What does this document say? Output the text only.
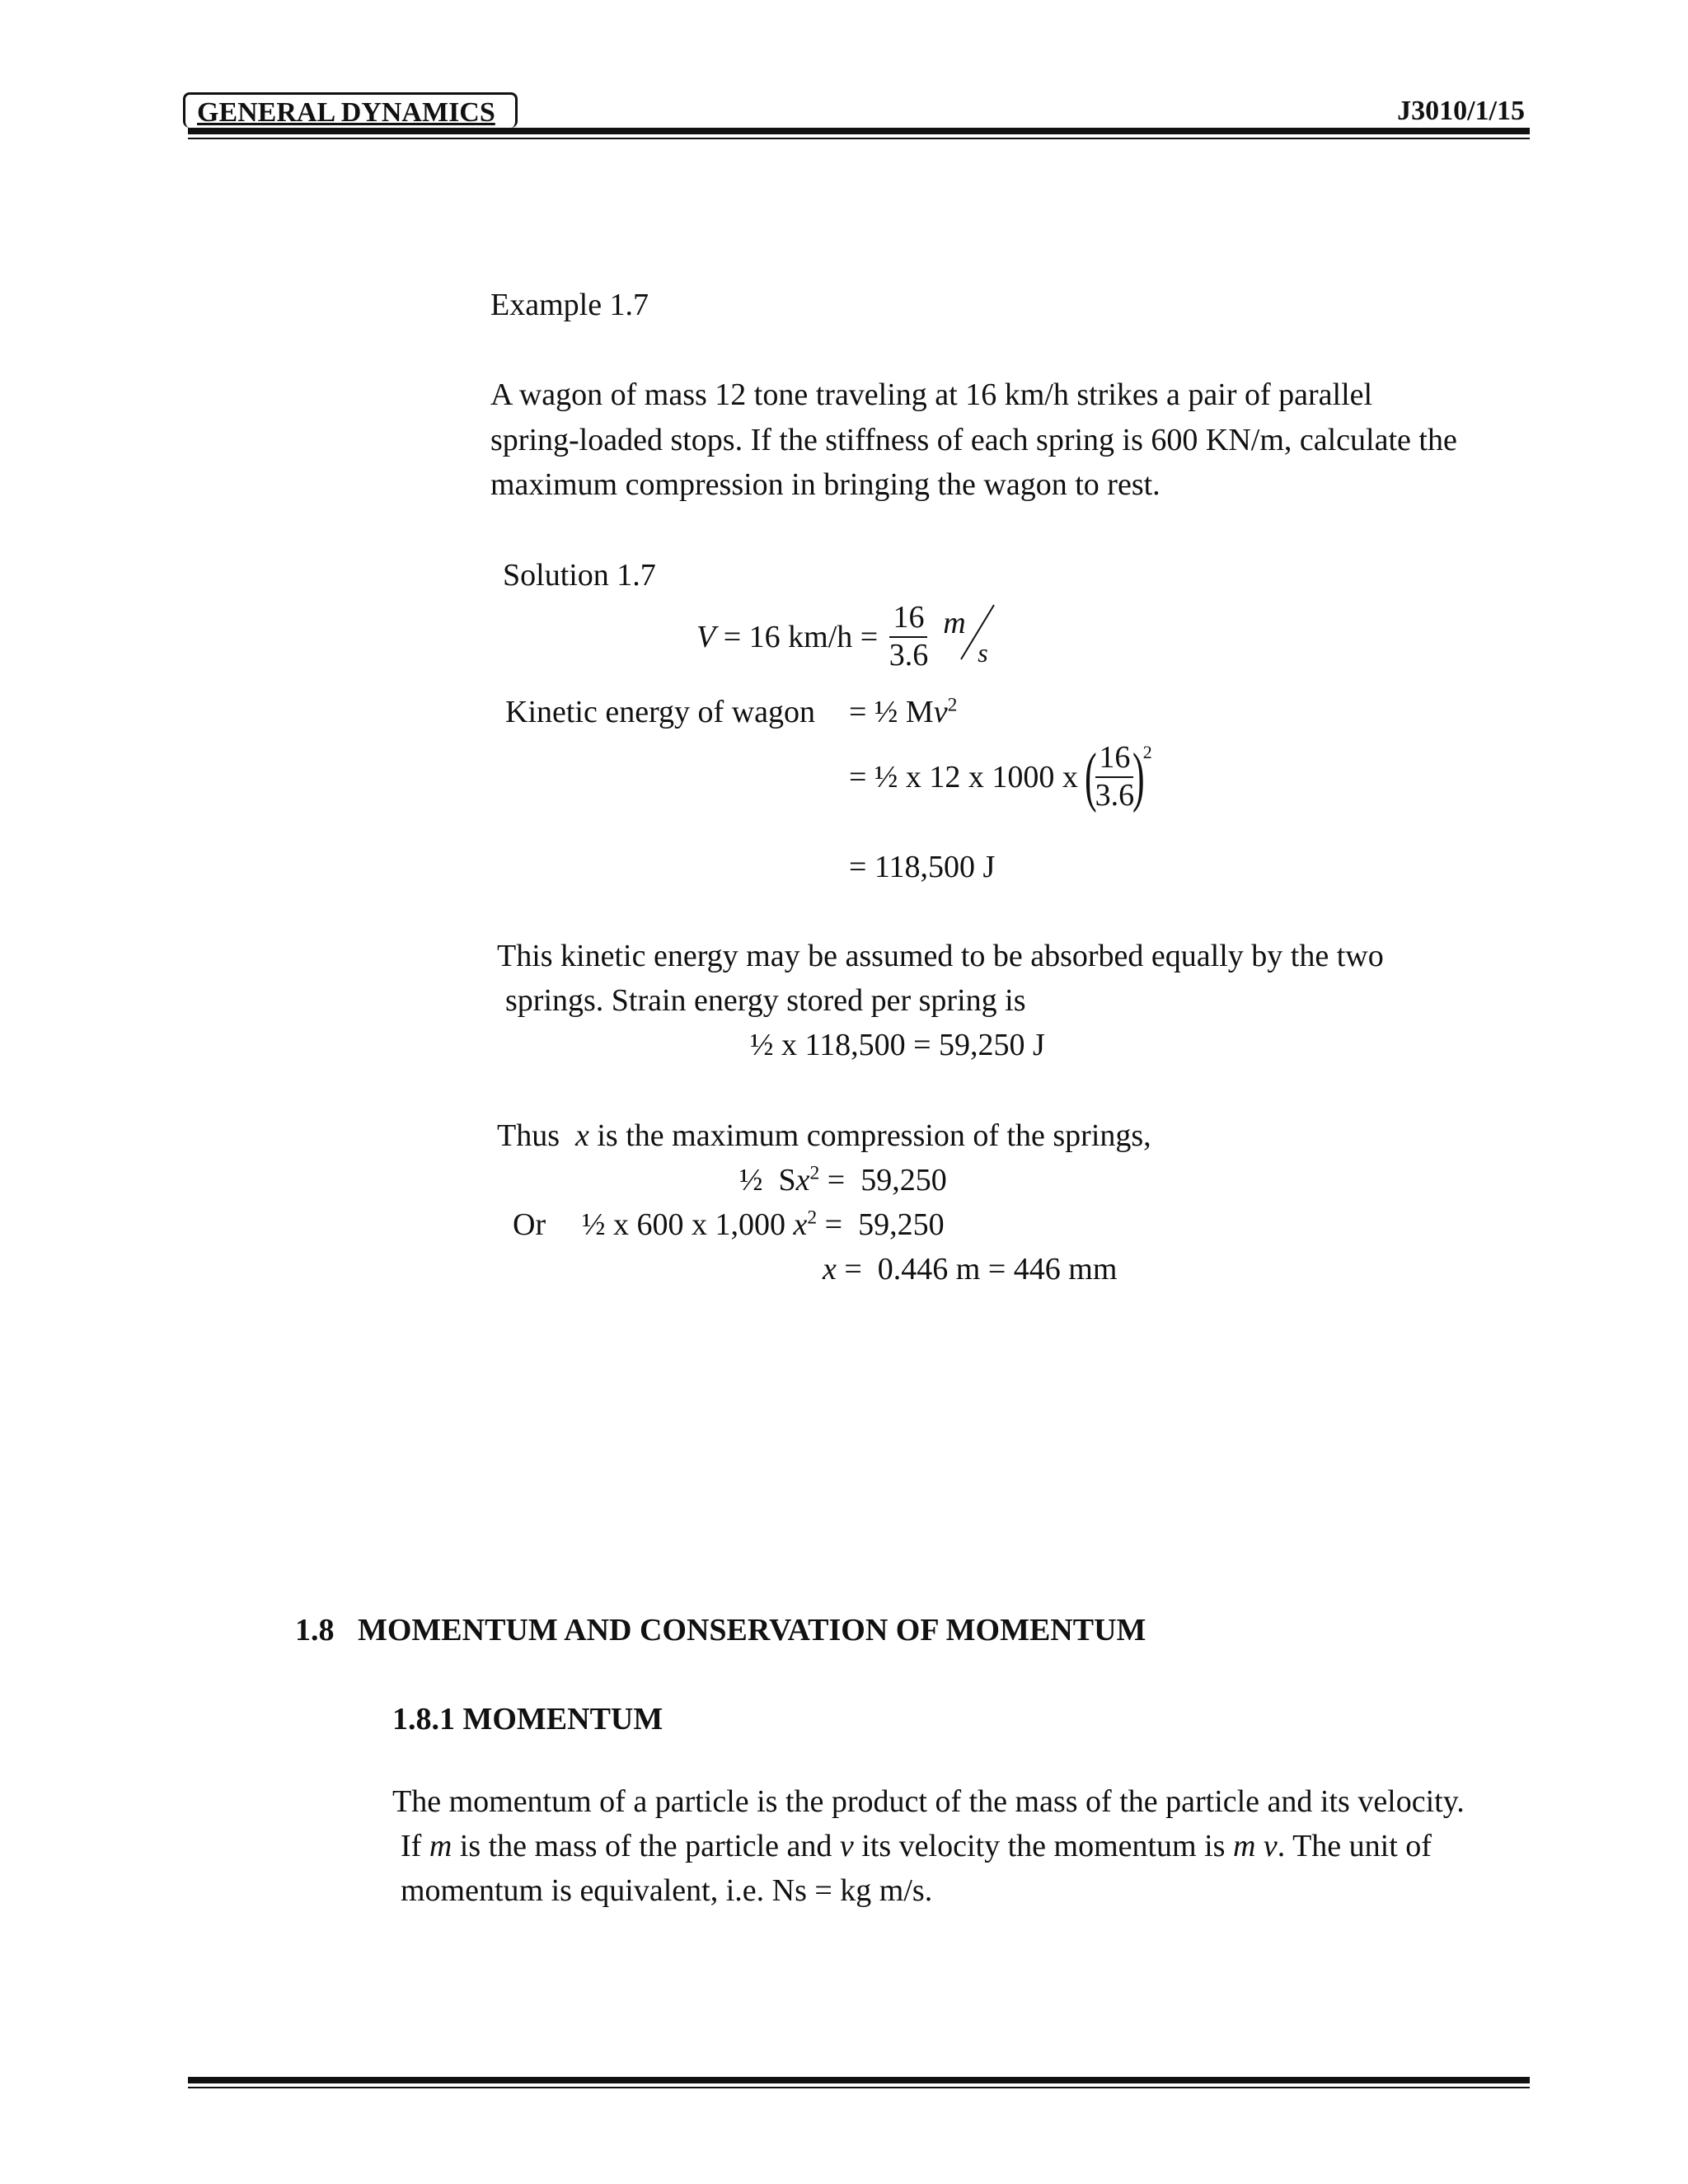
GENERAL DYNAMICS	J3010/1/15
Example 1.7
A wagon of mass 12 tone traveling at 16 km/h strikes a pair of parallel
spring-loaded stops. If the stiffness of each spring is 600 KN/m, calculate the
maximum compression in bringing the wagon to rest.
Solution 1.7
V = 16 $km/h = \frac{16}{3.6}$ m
s
Kinetic energy of wagon = ½ $Mv^2$
= ½ x 12 x 1000 x (
$\frac{16}{3.6}$
)
2
= 118,500 J
This kinetic energy may be assumed to be absorbed equally by the two
springs. Strain energy stored per spring is
½ x 118,500 = 59,250 J
Thus x is the maximum compression of the springs,
½  $Sx^2 = 59,250$
Or ½ x 600 x 1,000 $x^2 = 59,250$
x =  0.446 m = 446 mm
1.8   MOMENTUM AND CONSERVATION OF MOMENTUM
1.8.1 MOMENTUM
The momentum of a particle is the product of the mass of the particle and its velocity.
If m is the mass of the particle and v its velocity the momentum is m v. The unit of
momentum is equivalent, i.e. Ns = kg m/s.
